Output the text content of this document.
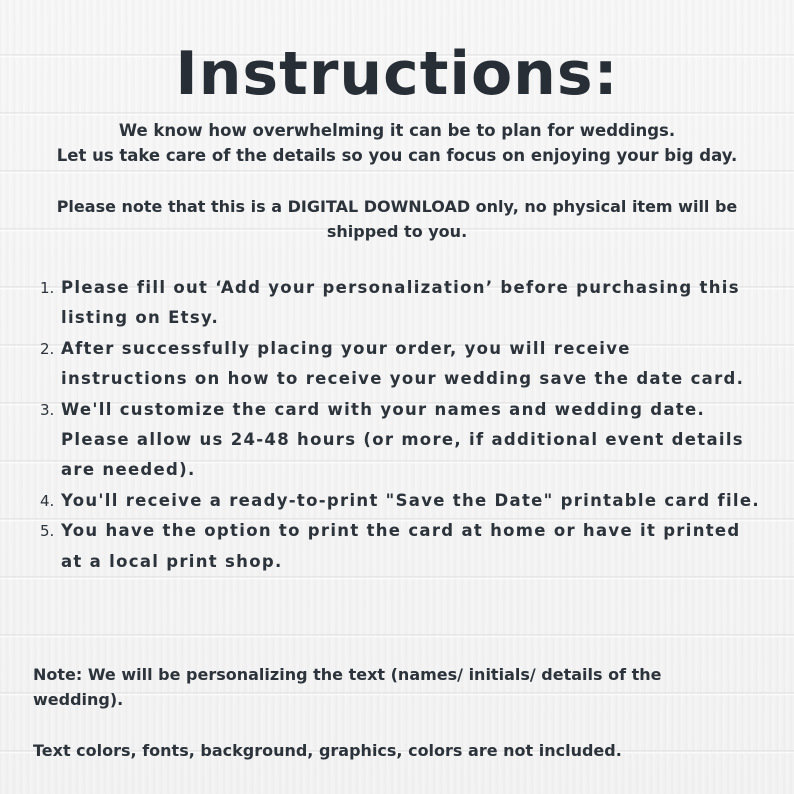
Instructions:

We know how overwhelming it can be to plan for weddings.

Let us take care of the details so you can focus on enjoying your big day.

Please note that this is a DIGITAL DOWNLOAD only, no physical item will be shipped to you.

1. Please fill out ‘Add your personalization’ before purchasing this listing on Etsy.
2. After successfully placing your order, you will receive instructions on how to receive your wedding save the date card.
3. We'll customize the card with your names and wedding date. Please allow us 24-48 hours (or more, if additional event details are needed).
4. You'll receive a ready-to-print "Save the Date" printable card file.
5. You have the option to print the card at home or have it printed at a local print shop.

Note: We will be personalizing the text (names/ initials/ details of the wedding).

Text colors, fonts, background, graphics, colors are not included.
